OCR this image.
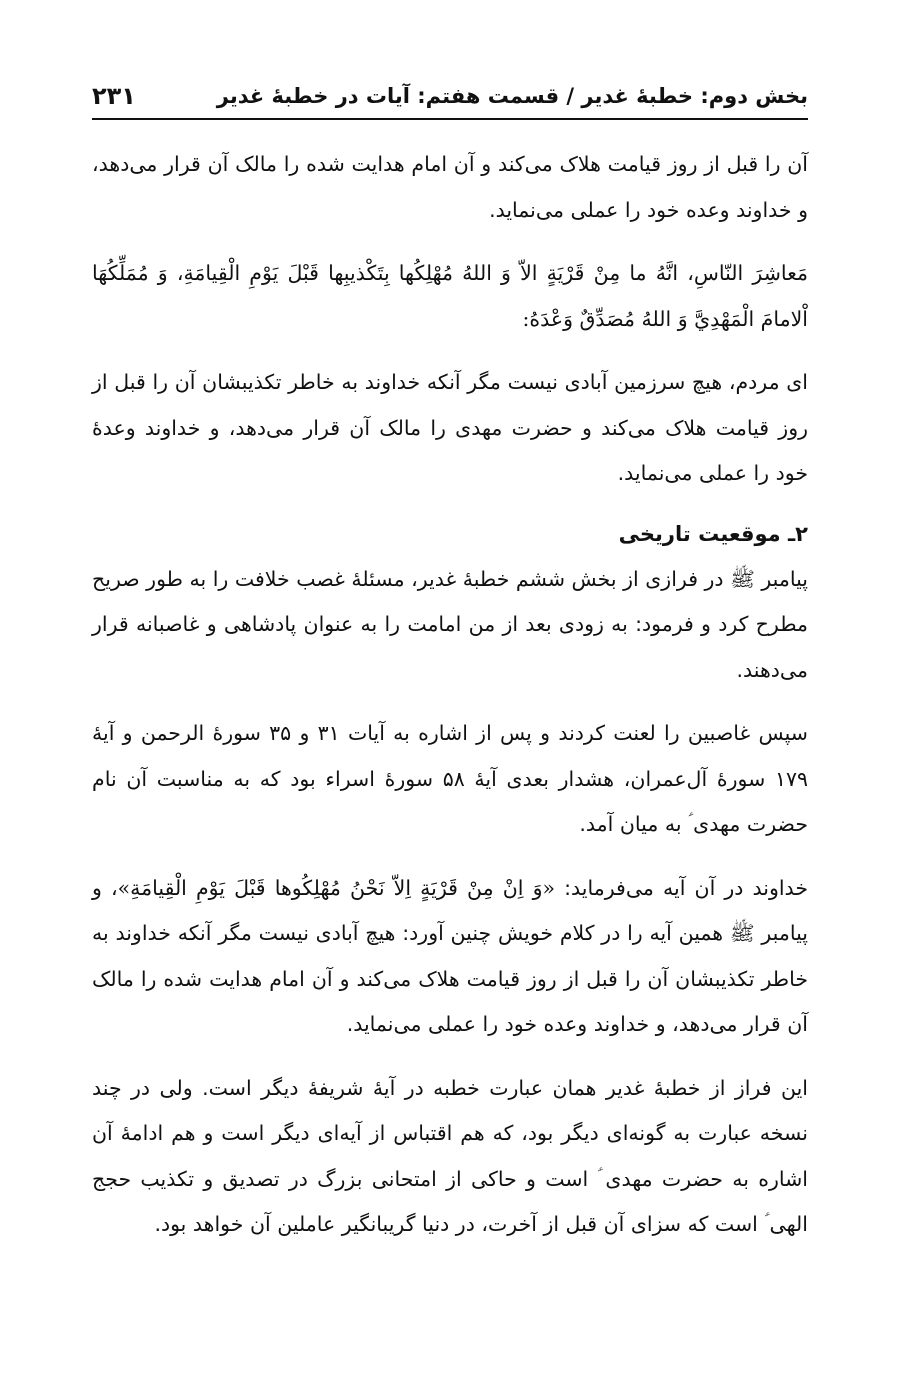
بخش دوم: خطبهٔ غدیر / قسمت هفتم: آیات در خطبهٔ غدیر
۲۳۱

آن را قبل از روز قیامت هلاک می‌کند و آن امام هدایت شده را مالک آن قرار می‌دهد، و خداوند وعده خود را عملی می‌نماید.

مَعاشِرَ النّاسِ، انَّهُ ما مِنْ قَرْيَةٍ الاّ وَ اللهُ مُهْلِكُها بِتَكْذيبِها قَبْلَ يَوْمِ الْقِيامَةِ، وَ مُمَلِّكُهَا اْلامامَ الْمَهْدِيَّ وَ اللهُ مُصَدِّقٌ وَعْدَهُ:

ای مردم، هیچ سرزمین آبادی نیست مگر آنکه خداوند به خاطر تکذیبشان آن را قبل از روز قیامت هلاک می‌کند و حضرت مهدی را مالک آن قرار می‌دهد، و خداوند وعدهٔ خود را عملی می‌نماید.

۲ـ موقعیت تاریخی

پیامبر ﷺ در فرازی از بخش ششم خطبهٔ غدیر، مسئلهٔ غصب خلافت را به طور صریح مطرح کرد و فرمود: به زودی بعد از من امامت را به عنوان پادشاهی و غاصبانه قرار می‌دهند.

سپس غاصبین را لعنت کردند و پس از اشاره به آیات ۳۱ و ۳۵ سورهٔ الرحمن و آیهٔ ۱۷۹ سورهٔ آل‌عمران، هشدار بعدی آیهٔ ۵۸ سورهٔ اسراء بود که به مناسبت آن نام حضرت مهدی ؑ به میان آمد.

خداوند در آن آیه می‌فرماید: «وَ اِنْ مِنْ قَرْيَةٍ اِلاّ نَحْنُ مُهْلِكُوها قَبْلَ يَوْمِ الْقِيامَةِ»، و پیامبر ﷺ همین آیه را در کلام خویش چنین آورد: هیچ آبادی نیست مگر آنکه خداوند به خاطر تکذیبشان آن را قبل از روز قیامت هلاک می‌کند و آن امام هدایت شده را مالک آن قرار می‌دهد، و خداوند وعده خود را عملی می‌نماید.

این فراز از خطبهٔ غدیر همان عبارت خطبه در آیهٔ شریفهٔ دیگر است. ولی در چند نسخه عبارت به گونه‌ای دیگر بود، که هم اقتباس از آیه‌ای دیگر است و هم ادامهٔ آن اشاره به حضرت مهدی ؑ است و حاکی از امتحانی بزرگ در تصدیق و تکذیب حجج الهی ؑ است که سزای آن قبل از آخرت، در دنیا گریبانگیر عاملین آن خواهد بود.
